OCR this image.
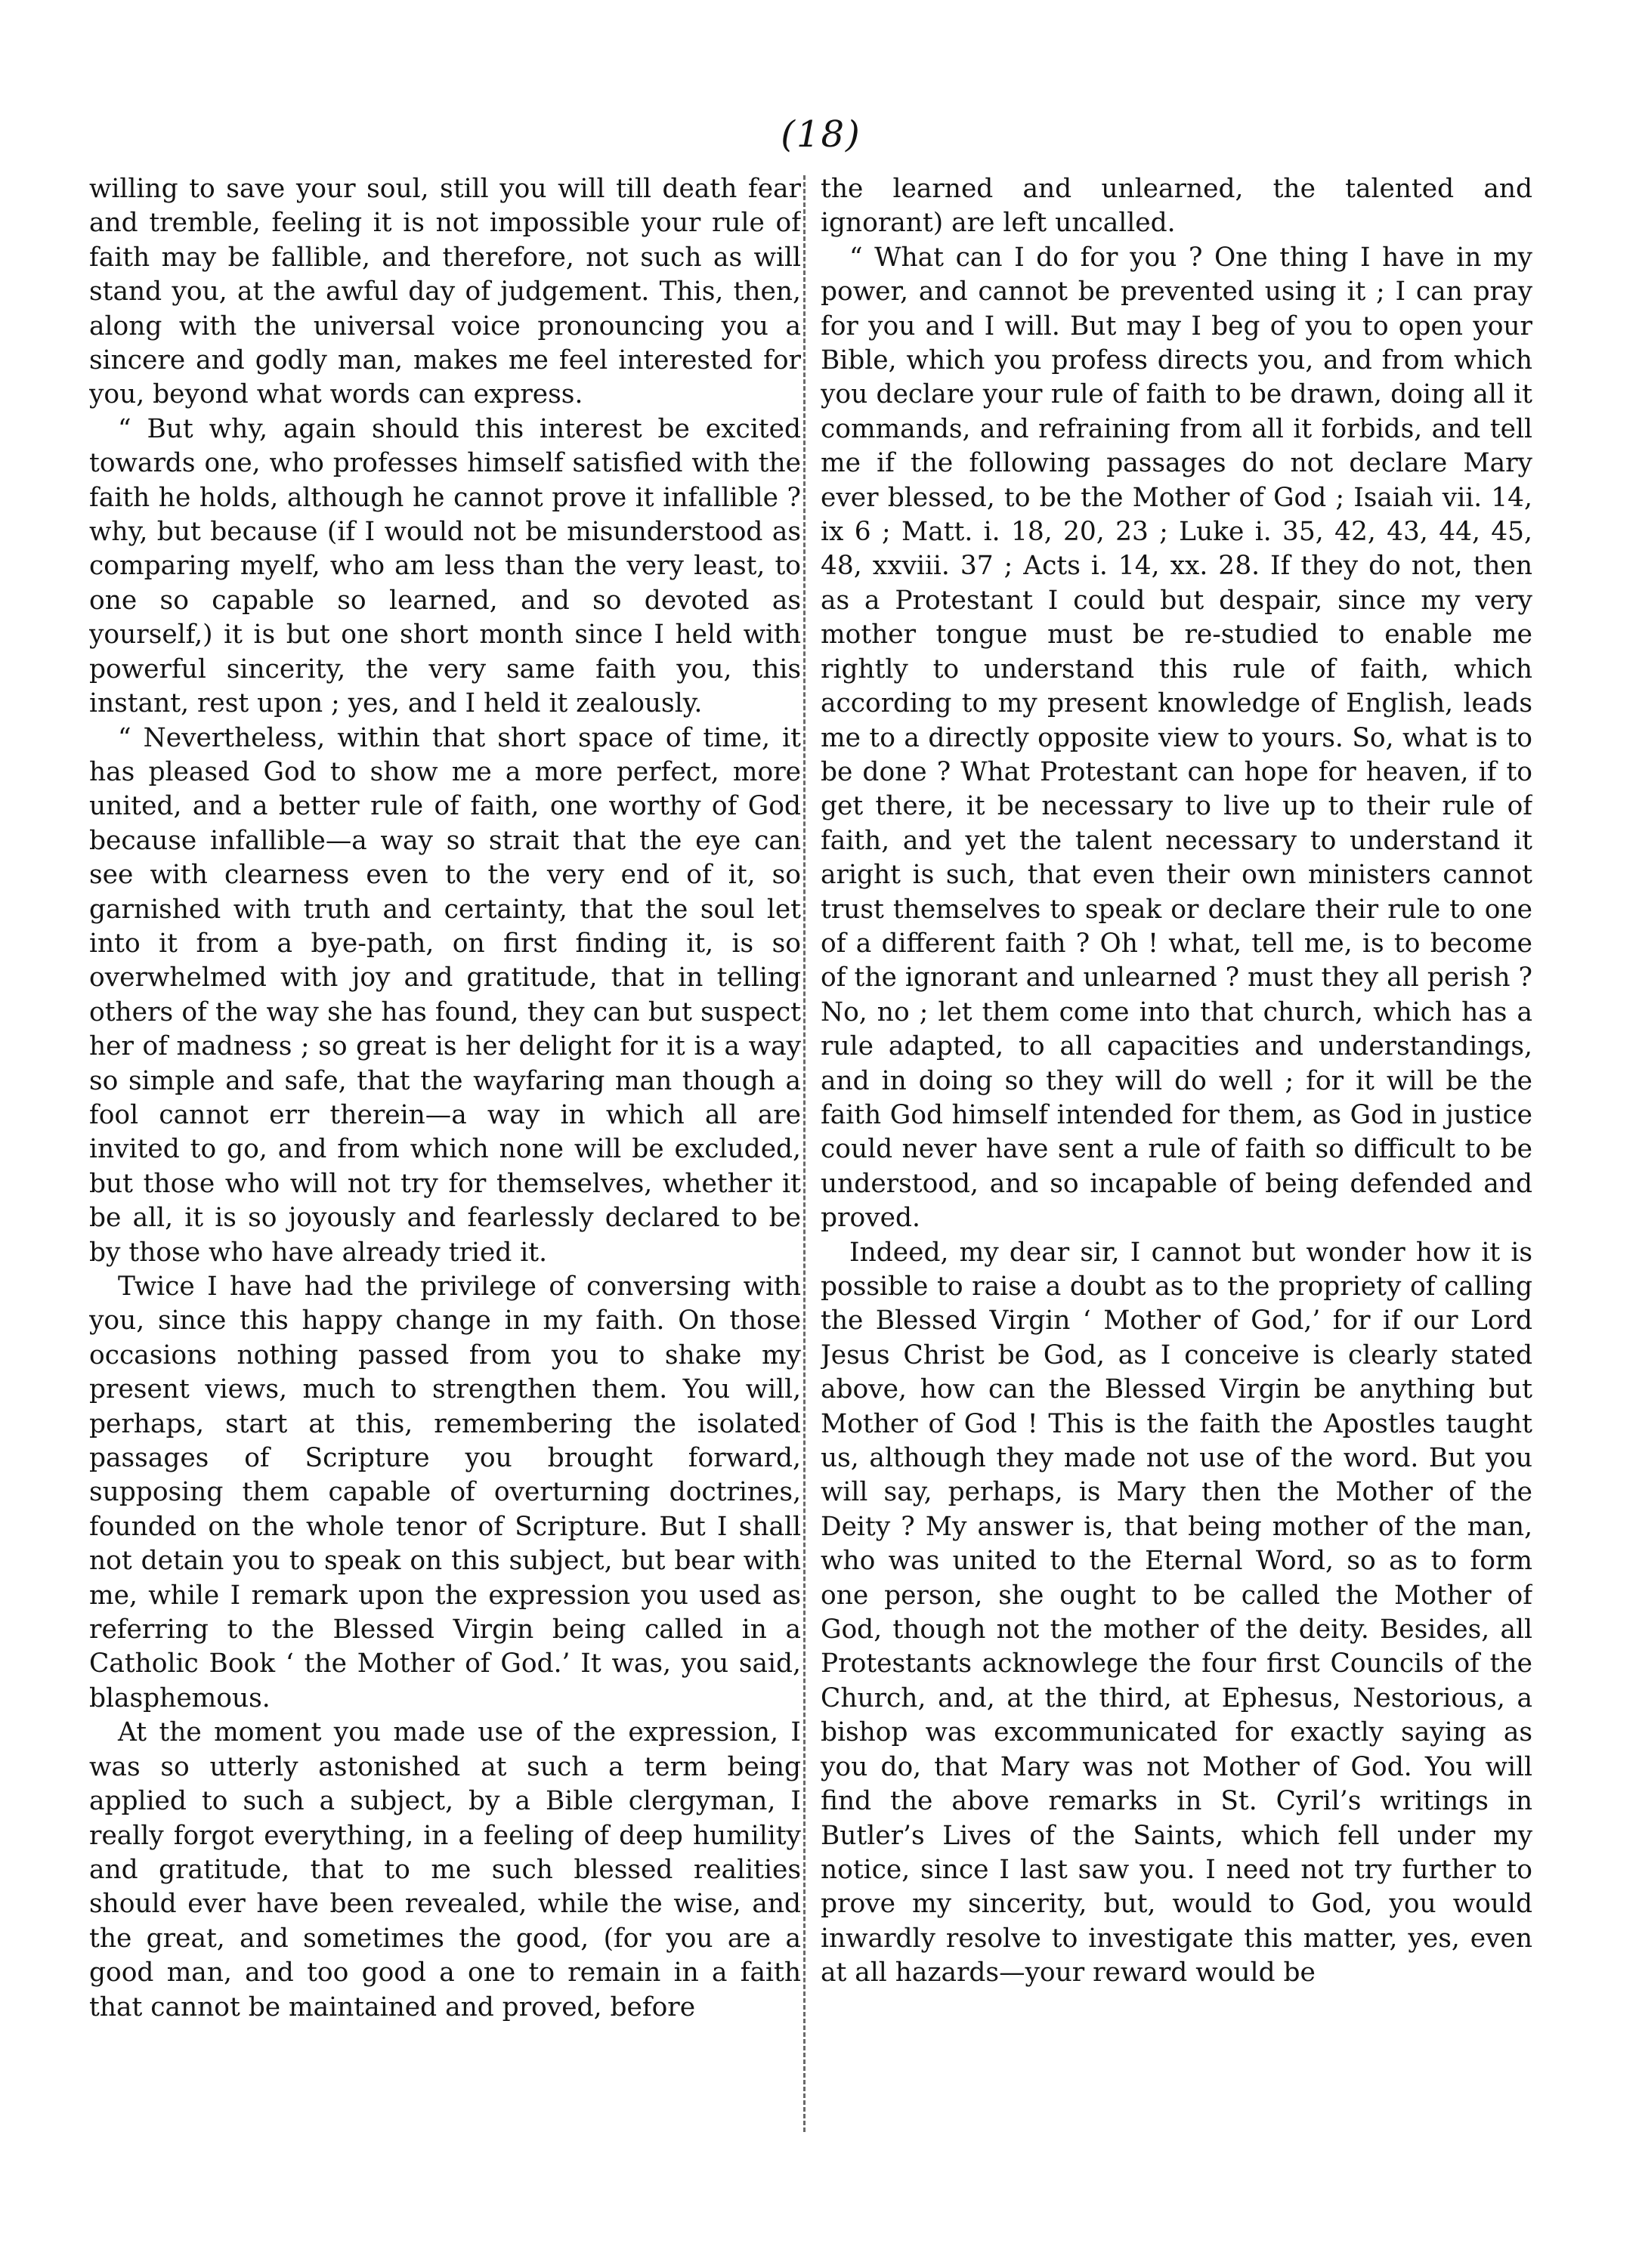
(18)

willing to save your soul, still you will till death fear and tremble, feeling it is not impossible your rule of faith may be fallible, and therefore, not such as will stand you, at the awful day of judgement. This, then, along with the universal voice pronouncing you a sincere and godly man, makes me feel interested for you, beyond what words can express.

“ But why, again should this interest be excited towards one, who professes himself satisfied with the faith he holds, although he cannot prove it infallible ? why, but because (if I would not be misunderstood as comparing myelf, who am less than the very least, to one so capable so learned, and so devoted as yourself,) it is but one short month since I held with powerful sincerity, the very same faith you, this instant, rest upon ; yes, and I held it zealously.

“ Nevertheless, within that short space of time, it has pleased God to show me a more perfect, more united, and a better rule of faith, one worthy of God because infallible—a way so strait that the eye can see with clearness even to the very end of it, so garnished with truth and certainty, that the soul let into it from a bye-path, on first finding it, is so overwhelmed with joy and gratitude, that in telling others of the way she has found, they can but suspect her of madness ; so great is her delight for it is a way so simple and safe, that the wayfaring man though a fool cannot err therein—a way in which all are invited to go, and from which none will be excluded, but those who will not try for themselves, whether it be all, it is so joyously and fearlessly declared to be by those who have already tried it.

Twice I have had the privilege of conversing with you, since this happy change in my faith. On those occasions nothing passed from you to shake my present views, much to strengthen them. You will, perhaps, start at this, remembering the isolated passages of Scripture you brought forward, supposing them capable of overturning doctrines, founded on the whole tenor of Scripture. But I shall not detain you to speak on this subject, but bear with me, while I remark upon the expression you used as referring to the Blessed Virgin being called in a Catholic Book ‘ the Mother of God.’ It was, you said, blasphemous.

At the moment you made use of the expression, I was so utterly astonished at such a term being applied to such a subject, by a Bible clergyman, I really forgot everything, in a feeling of deep humility and gratitude, that to me such blessed realities should ever have been revealed, while the wise, and the great, and sometimes the good, (for you are a good man, and too good a one to remain in a faith that cannot be maintained and proved, before

the learned and unlearned, the talented and ignorant) are left uncalled.

“ What can I do for you ? One thing I have in my power, and cannot be prevented using it ; I can pray for you and I will. But may I beg of you to open your Bible, which you profess directs you, and from which you declare your rule of faith to be drawn, doing all it commands, and refraining from all it forbids, and tell me if the following passages do not declare Mary ever blessed, to be the Mother of God ; Isaiah vii. 14, ix 6 ; Matt. i. 18, 20, 23 ; Luke i. 35, 42, 43, 44, 45, 48, xxviii. 37 ; Acts i. 14, xx. 28. If they do not, then as a Protestant I could but despair, since my very mother tongue must be re-studied to enable me rightly to understand this rule of faith, which according to my present knowledge of English, leads me to a directly opposite view to yours. So, what is to be done ? What Protestant can hope for heaven, if to get there, it be necessary to live up to their rule of faith, and yet the talent necessary to understand it aright is such, that even their own ministers cannot trust themselves to speak or declare their rule to one of a different faith ? Oh ! what, tell me, is to become of the ignorant and unlearned ? must they all perish ? No, no ; let them come into that church, which has a rule adapted, to all capacities and understandings, and in doing so they will do well ; for it will be the faith God himself intended for them, as God in justice could never have sent a rule of faith so difficult to be understood, and so incapable of being defended and proved.

Indeed, my dear sir, I cannot but wonder how it is possible to raise a doubt as to the propriety of calling the Blessed Virgin ‘ Mother of God,’ for if our Lord Jesus Christ be God, as I conceive is clearly stated above, how can the Blessed Virgin be anything but Mother of God ! This is the faith the Apostles taught us, although they made not use of the word. But you will say, perhaps, is Mary then the Mother of the Deity ? My answer is, that being mother of the man, who was united to the Eternal Word, so as to form one person, she ought to be called the Mother of God, though not the mother of the deity. Besides, all Protestants acknowlege the four first Councils of the Church, and, at the third, at Ephesus, Nestorious, a bishop was excommunicated for exactly saying as you do, that Mary was not Mother of God. You will find the above remarks in St. Cyril’s writings in Butler’s Lives of the Saints, which fell under my notice, since I last saw you. I need not try further to prove my sincerity, but, would to God, you would inwardly resolve to investigate this matter, yes, even at all hazards—your reward would be
